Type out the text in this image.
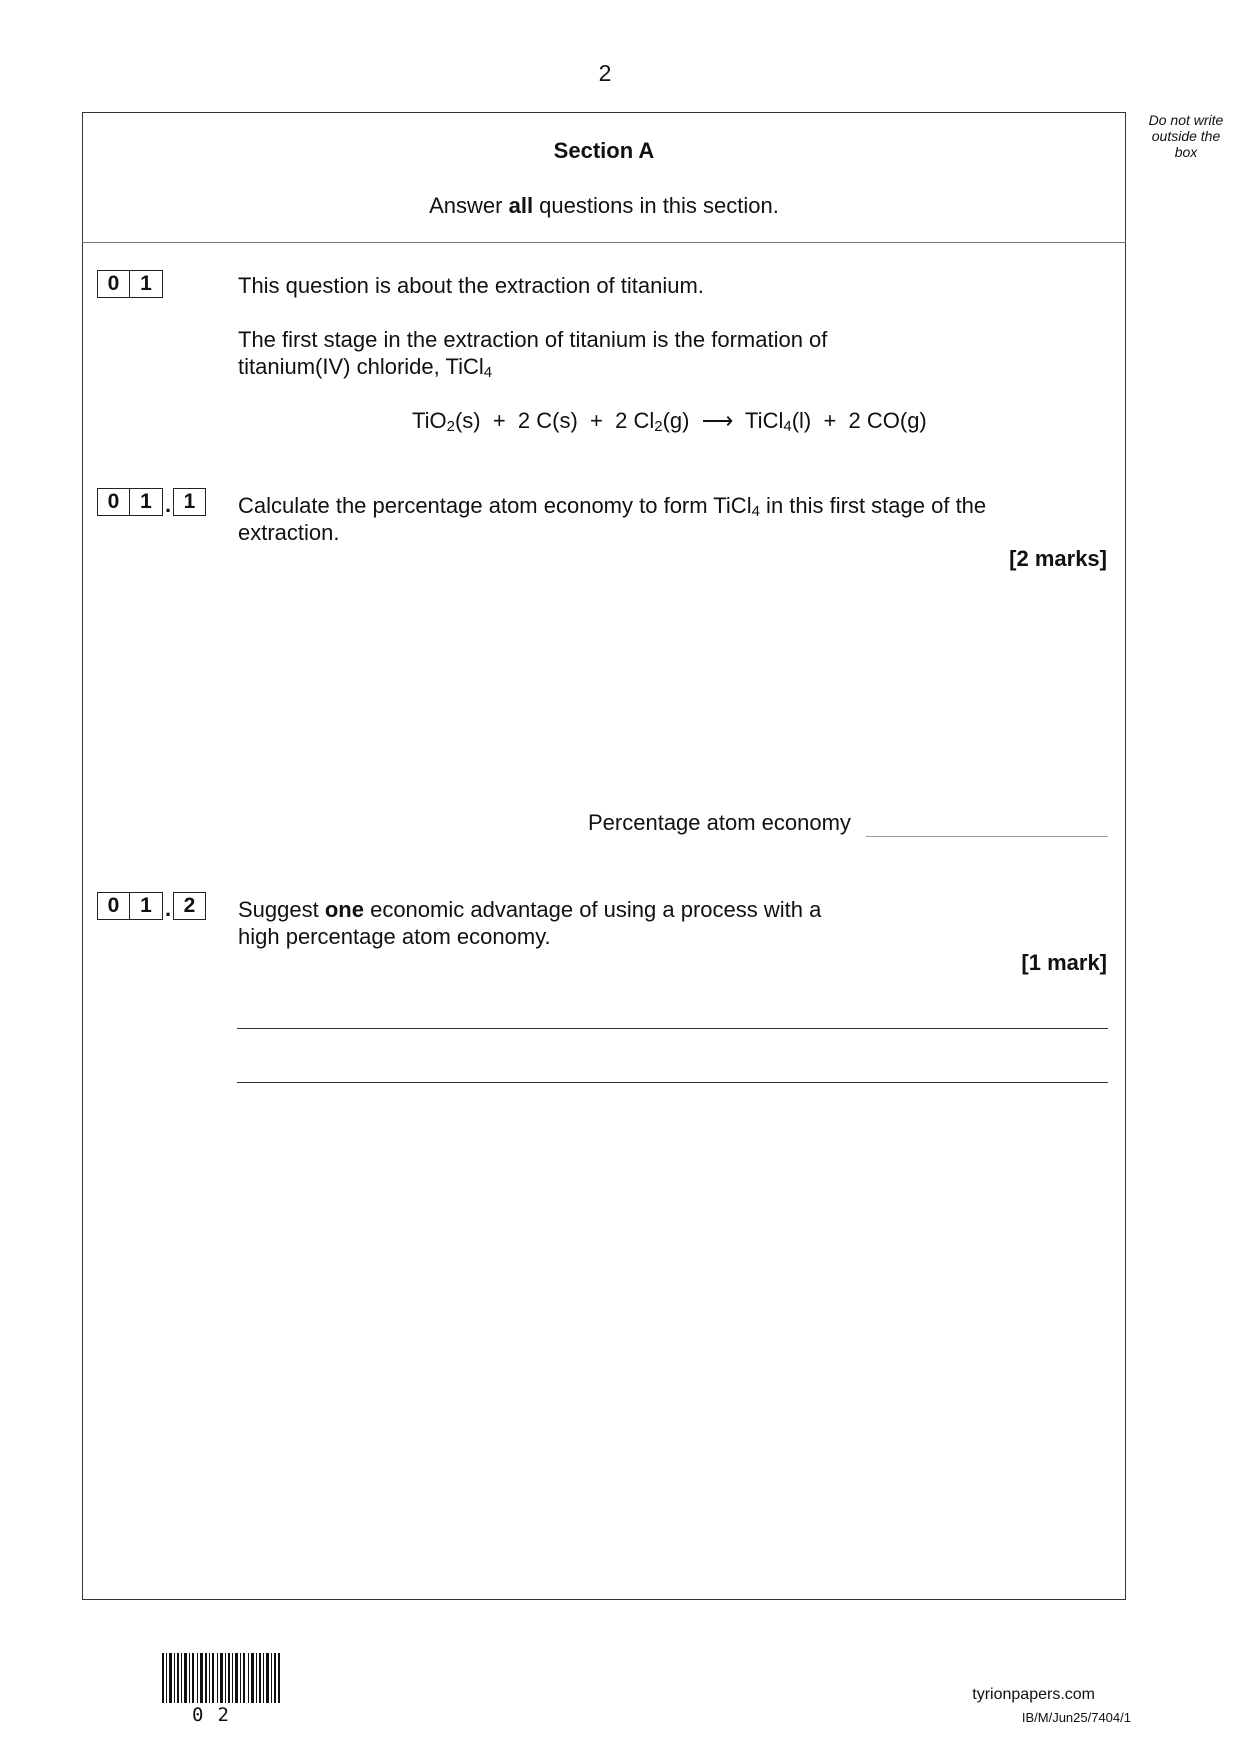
2
Do not write
outside the
box
Section A
Answer all questions in this section.
0 1	This question is about the extraction of titanium.
The first stage in the extraction of titanium is the formation of
titanium(IV) chloride, TiCl$_4$
TiO$_2$(s)  +  2 C(s)  +  2 $Cl_2(g)$  ⟶  TiCl$_4$(l)  +  2 CO(g)
0 1 . 1	Calculate the percentage atom economy to form TiCl$_4$ in this first stage of the
extraction.
[2 marks]
Percentage atom economy
0 1 . 2	Suggest one economic advantage of using a process with a
high percentage atom economy.
[1 mark]
02
tyrionpapers.com
IB/M/Jun25/7404/1
